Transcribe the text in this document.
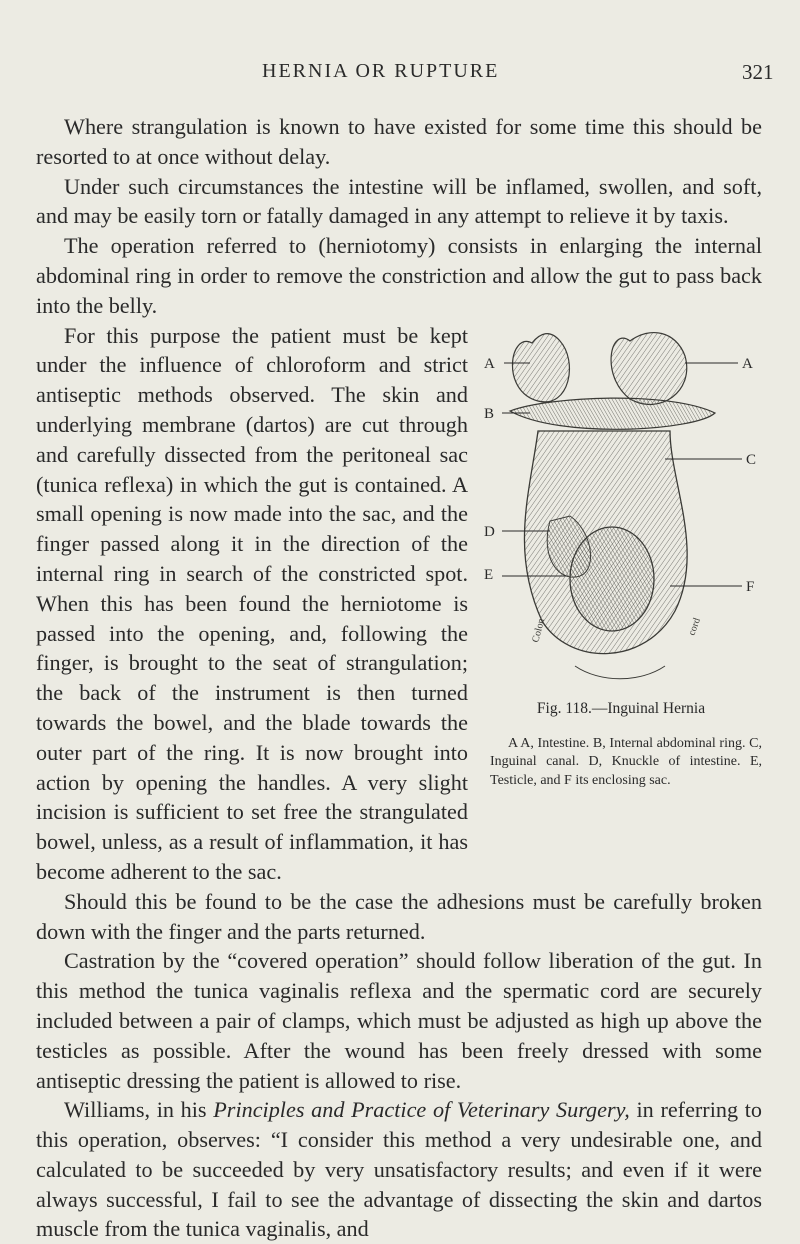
HERNIA OR RUPTURE	321

Where strangulation is known to have existed for some time this should be resorted to at once without delay.

Under such circumstances the intestine will be inflamed, swollen, and soft, and may be easily torn or fatally damaged in any attempt to relieve it by taxis.

The operation referred to (herniotomy) consists in enlarging the internal abdominal ring in order to remove the constriction and allow the gut to pass back into the belly.

A	A
B
C
D
E
F
Colon	cord
Fig. 118.—Inguinal Hernia
A A, Intestine. B, Internal abdominal ring. C, Inguinal canal. D, Knuckle of intestine. E, Testicle, and F its enclosing sac.

For this purpose the patient must be kept under the influence of chloroform and strict antiseptic methods observed. The skin and underlying membrane (dartos) are cut through and carefully dissected from the peritoneal sac (tunica reflexa) in which the gut is contained. A small opening is now made into the sac, and the finger passed along it in the direction of the internal ring in search of the constricted spot. When this has been found the herniotome is passed into the opening, and, following the finger, is brought to the seat of strangulation; the back of the instrument is then turned towards the bowel, and the blade towards the outer part of the ring. It is now brought into action by opening the handles. A very slight incision is sufficient to set free the strangulated bowel, unless, as a result of inflammation, it has become adherent to the sac.

Should this be found to be the case the adhesions must be carefully broken down with the finger and the parts returned.

Castration by the “covered operation” should follow liberation of the gut. In this method the tunica vaginalis reflexa and the spermatic cord are securely included between a pair of clamps, which must be adjusted as high up above the testicles as possible. After the wound has been freely dressed with some antiseptic dressing the patient is allowed to rise.

Williams, in his Principles and Practice of Veterinary Surgery, in referring to this operation, observes: “I consider this method a very undesirable one, and calculated to be succeeded by very unsatisfactory results; and even if it were always successful, I fail to see the advantage of dissecting the skin and dartos muscle from the tunica vaginalis, and
